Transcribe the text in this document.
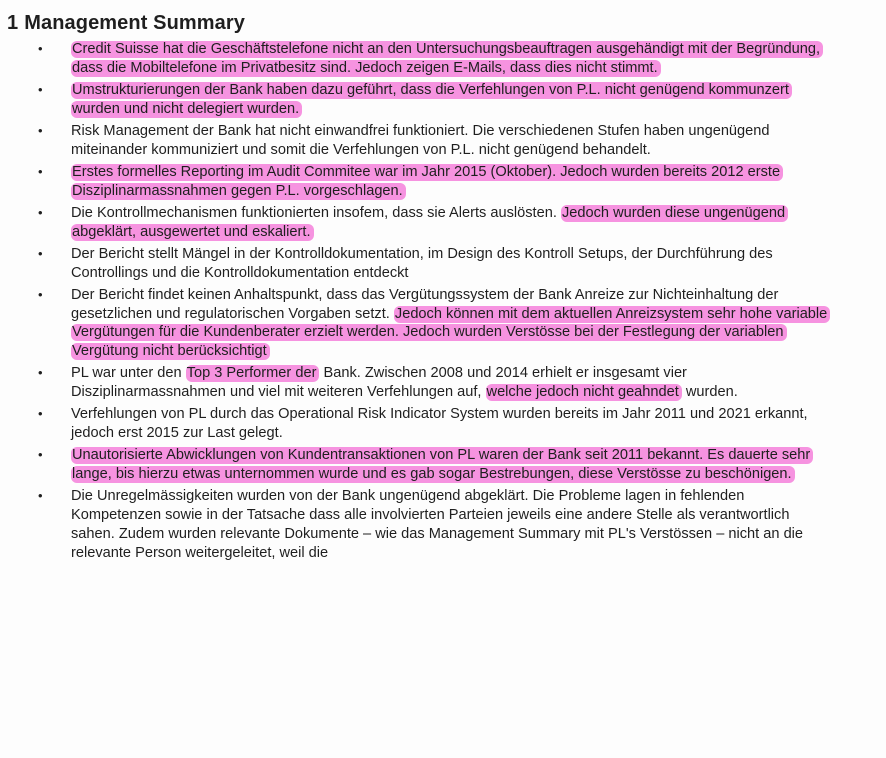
1 Management Summary
• Credit Suisse hat die Geschäftstelefone nicht an den Untersuchungsbeauftragen ausgehändigt mit der Begründung, dass die Mobiltelefone im Privatbesitz sind. Jedoch zeigen E-Mails, dass dies nicht stimmt.
• Umstrukturierungen der Bank haben dazu geführt, dass die Verfehlungen von P.L. nicht genügend kommunzert wurden und nicht delegiert wurden.
• Risk Management der Bank hat nicht einwandfrei funktioniert. Die verschiedenen Stufen haben ungenügend miteinander kommuniziert und somit die Verfehlungen von P.L. nicht genügend behandelt.
• Erstes formelles Reporting im Audit Commitee war im Jahr 2015 (Oktober). Jedoch wurden bereits 2012 erste Disziplinarmassnahmen gegen P.L. vorgeschlagen.
• Die Kontrollmechanismen funktionierten insofem, dass sie Alerts auslösten. Jedoch wurden diese ungenügend abgeklärt, ausgewertet und eskaliert.
• Der Bericht stellt Mängel in der Kontrolldokumentation, im Design des Kontroll Setups, der Durchführung des Controllings und die Kontrolldokumentation entdeckt
• Der Bericht findet keinen Anhaltspunkt, dass das Vergütungssystem der Bank Anreize zur Nichteinhaltung der gesetzlichen und regulatorischen Vorgaben setzt. Jedoch können mit dem aktuellen Anreizsystem sehr hohe variable Vergütungen für die Kundenberater erzielt werden. Jedoch wurden Verstösse bei der Festlegung der variablen Vergütung nicht berücksichtigt
• PL war unter den Top 3 Performer der Bank. Zwischen 2008 und 2014 erhielt er insgesamt vier Disziplinarmassnahmen und viel mit weiteren Verfehlungen auf, welche jedoch nicht geahndet wurden.
• Verfehlungen von PL durch das Operational Risk Indicator System wurden bereits im Jahr 2011 und 2021 erkannt, jedoch erst 2015 zur Last gelegt.
• Unautorisierte Abwicklungen von Kundentransaktionen von PL waren der Bank seit 2011 bekannt. Es dauerte sehr lange, bis hierzu etwas unternommen wurde und es gab sogar Bestrebungen, diese Verstösse zu beschönigen.
• Die Unregelmässigkeiten wurden von der Bank ungenügend abgeklärt. Die Probleme lagen in fehlenden Kompetenzen sowie in der Tatsache dass alle involvierten Parteien jeweils eine andere Stelle als verantwortlich sahen. Zudem wurden relevante Dokumente – wie das Management Summary mit PL's Verstössen – nicht an die relevante Person weitergeleitet, weil die
